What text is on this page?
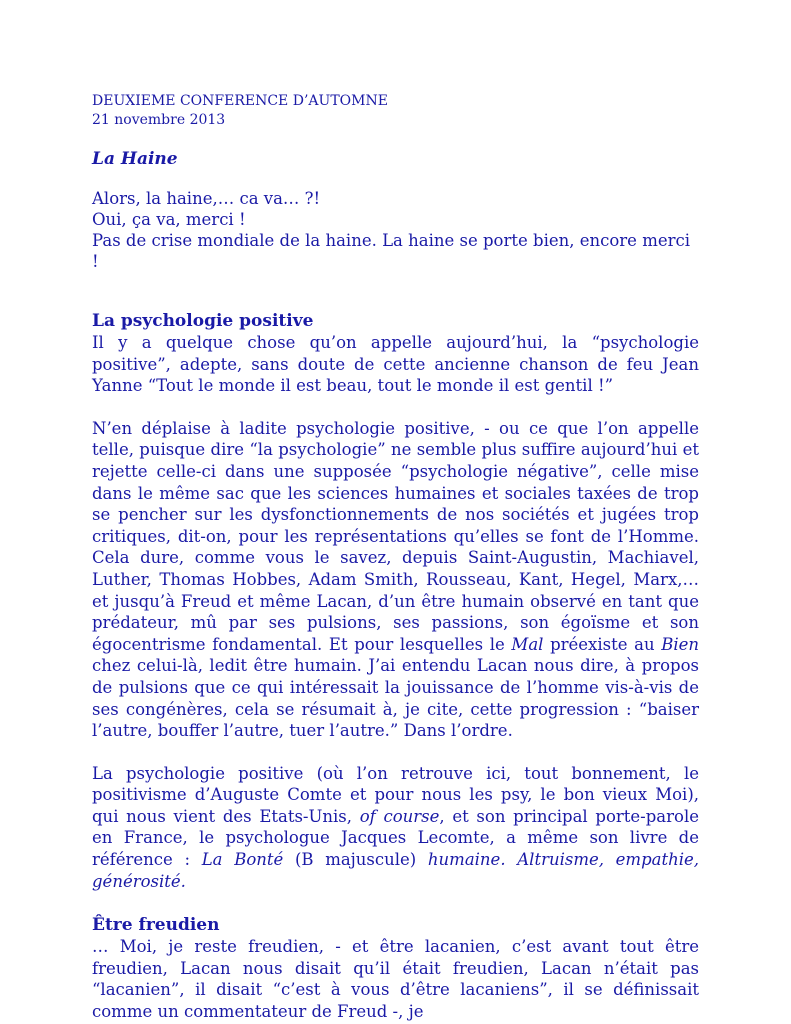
DEUXIEME CONFERENCE D’AUTOMNE
21 novembre 2013
La Haine

Alors, la haine,… ca va… ?!

Oui, ça va, merci !

Pas de crise mondiale de la haine. La haine se porte bien, encore merci !

La psychologie positive

Il y a quelque chose qu’on appelle aujourd’hui, la “psychologie positive”, adepte, sans doute de cette ancienne chanson de feu Jean Yanne “Tout le monde il est beau, tout le monde il est gentil !”

N’en déplaise à ladite psychologie positive, - ou ce que l’on appelle telle, puisque dire “la psychologie” ne semble plus suffire aujourd’hui et rejette celle-ci dans une supposée “psychologie négative”, celle mise dans le même sac que les sciences humaines et sociales taxées de trop se pencher sur les dysfonctionnements de nos sociétés et jugées trop critiques, dit-on, pour les représentations qu’elles se font de l’Homme. Cela dure, comme vous le savez, depuis Saint-Augustin, Machiavel, Luther, Thomas Hobbes, Adam Smith, Rousseau, Kant, Hegel, Marx,… et jusqu’à Freud et même Lacan, d’un être humain observé en tant que prédateur, mû par ses pulsions, ses passions, son égoïsme et son égocentrisme fondamental. Et pour lesquelles le Mal préexiste au Bien chez celui-là, ledit être humain. J’ai entendu Lacan nous dire, à propos de pulsions que ce qui intéressait la jouissance de l’homme vis-à-vis de ses congénères, cela se résumait à, je cite, cette progression : “baiser l’autre, bouffer l’autre, tuer l’autre.” Dans l’ordre.

La psychologie positive (où l’on retrouve ici, tout bonnement, le positivisme d’Auguste Comte et pour nous les psy, le bon vieux Moi), qui nous vient des Etats-Unis, of course, et son principal porte-parole en France, le psychologue Jacques Lecomte, a même son livre de référence : La Bonté (B majuscule) humaine. Altruisme, empathie, générosité.

Être freudien

… Moi, je reste freudien, - et être lacanien, c’est avant tout être freudien, Lacan nous disait qu’il était freudien, Lacan n’était pas “lacanien”, il disait “c’est à vous d’être lacaniens”, il se définissait comme un commentateur de Freud -, je
